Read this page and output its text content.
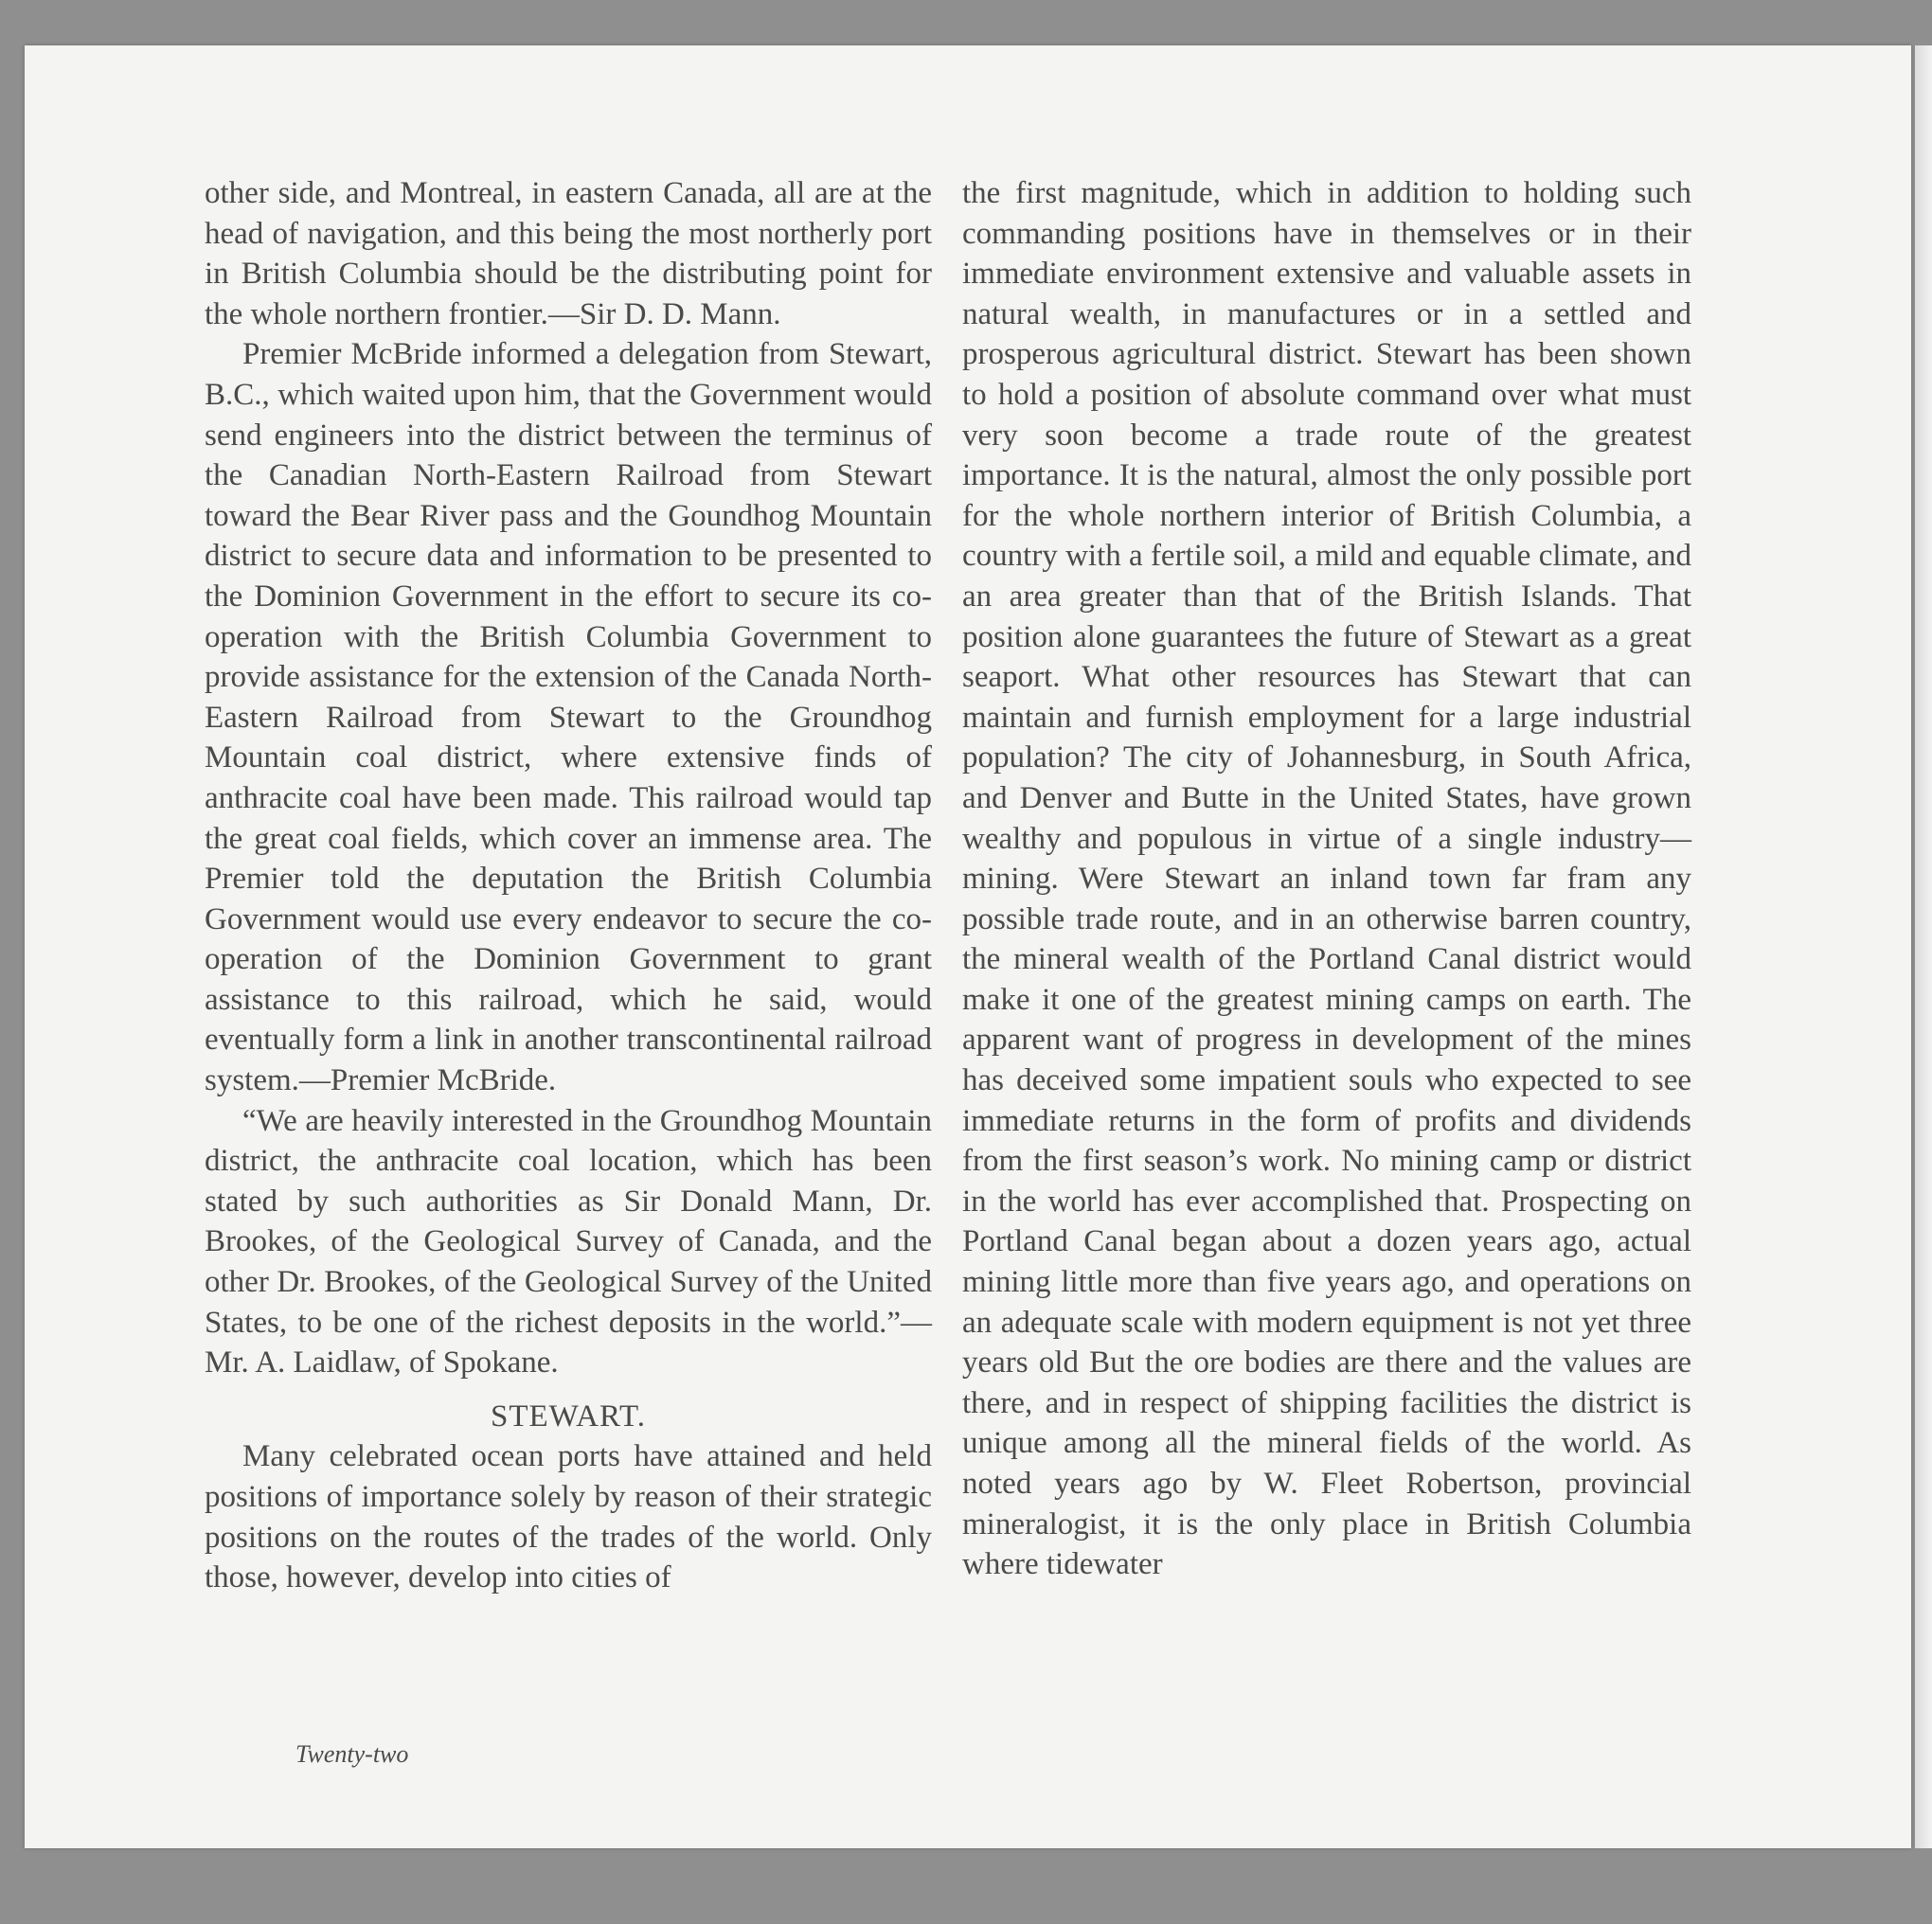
other side, and Montreal, in eastern Canada, all are at the head of navigation, and this being the most northerly port in British Columbia should be the distributing point for the whole northern frontier.—Sir D. D. Mann.

Premier McBride informed a delegation from Stewart, B.C., which waited upon him, that the Government would send engineers into the district between the terminus of the Canadian North-Eastern Railroad from Stewart toward the Bear River pass and the Goundhog Mountain district to secure data and information to be presented to the Dominion Government in the effort to secure its co-operation with the British Columbia Government to provide assistance for the extension of the Canada North-Eastern Railroad from Stewart to the Groundhog Mountain coal district, where extensive finds of anthracite coal have been made. This railroad would tap the great coal fields, which cover an immense area. The Premier told the deputation the British Columbia Government would use every endeavor to secure the co-operation of the Dominion Government to grant assistance to this railroad, which he said, would eventually form a link in another transcontinental railroad system.—Premier McBride.

“We are heavily interested in the Groundhog Mountain district, the anthracite coal location, which has been stated by such authorities as Sir Donald Mann, Dr. Brookes, of the Geological Survey of Canada, and the other Dr. Brookes, of the Geological Survey of the United States, to be one of the richest deposits in the world.”—Mr. A. Laidlaw, of Spokane.

STEWART.

Many celebrated ocean ports have attained and held positions of importance solely by reason of their strategic positions on the routes of the trades of the world. Only those, however, develop into cities of

the first magnitude, which in addition to holding such commanding positions have in themselves or in their immediate environment extensive and valuable assets in natural wealth, in manufactures or in a settled and prosperous agricultural district. Stewart has been shown to hold a position of absolute command over what must very soon become a trade route of the greatest importance. It is the natural, almost the only possible port for the whole northern interior of British Columbia, a country with a fertile soil, a mild and equable climate, and an area greater than that of the British Islands. That position alone guarantees the future of Stewart as a great seaport. What other resources has Stewart that can maintain and furnish employment for a large industrial population? The city of Johannesburg, in South Africa, and Denver and Butte in the United States, have grown wealthy and populous in virtue of a single industry—mining. Were Stewart an inland town far fram any possible trade route, and in an otherwise barren country, the mineral wealth of the Portland Canal district would make it one of the greatest mining camps on earth. The apparent want of progress in development of the mines has deceived some impatient souls who expected to see immediate returns in the form of profits and dividends from the first season’s work. No mining camp or district in the world has ever accomplished that. Prospecting on Portland Canal began about a dozen years ago, actual mining little more than five years ago, and operations on an adequate scale with modern equipment is not yet three years old But the ore bodies are there and the values are there, and in respect of shipping facilities the district is unique among all the mineral fields of the world. As noted years ago by W. Fleet Robertson, provincial mineralogist, it is the only place in British Columbia where tidewater

Twenty-two
